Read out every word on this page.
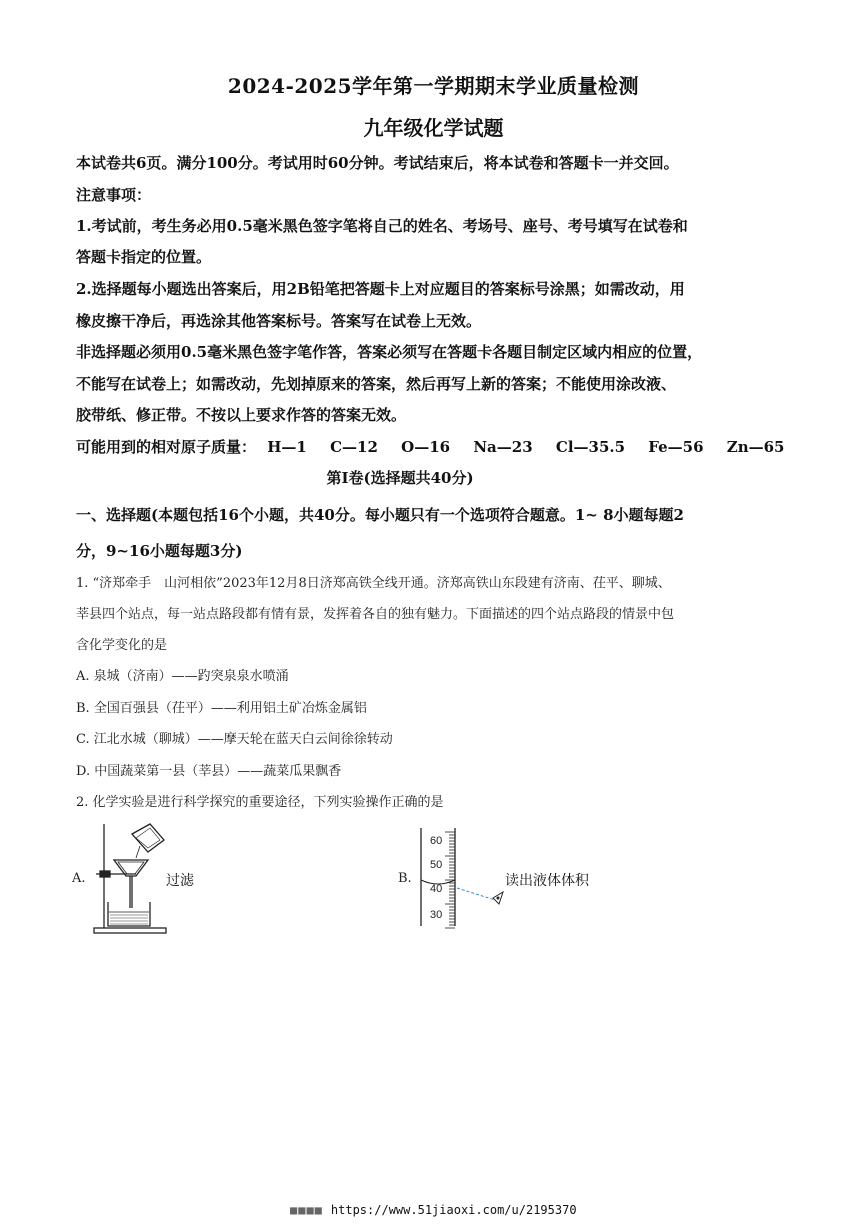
2024-2025学年第一学期期末学业质量检测
九年级化学试题
本试卷共6页。满分100分。考试用时60分钟。考试结束后，将本试卷和答题卡一并交回。
注意事项：
1.考试前，考生务必用0.5毫米黑色签字笔将自己的姓名、考场号、座号、考号填写在试卷和
答题卡指定的位置。
2.选择题每小题选出答案后，用2B铅笔把答题卡上对应题目的答案标号涂黑；如需改动，用
橡皮擦干净后，再选涂其他答案标号。答案写在试卷上无效。
非选择题必须用0.5毫米黑色签字笔作答，答案必须写在答题卡各题目制定区域内相应的位置，
不能写在试卷上；如需改动，先划掉原来的答案，然后再写上新的答案；不能使用涂改液、
胶带纸、修正带。不按以上要求作答的答案无效。
可能用到的相对原子质量： H—1 C—12 O—16 Na—23 Cl—35.5 Fe—56 Zn—65
第I卷(选择题共40分)
一、选择题(本题包括16个小题，共40分。每小题只有一个选项符合题意。1~ 8小题每题2
分，9~16小题每题3分)
1. “济郑牵手　山河相依”2023年12月8日济郑高铁全线开通。济郑高铁山东段建有济南、茌平、聊城、
莘县四个站点，每一站点路段都有情有景，发挥着各自的独有魅力。下面描述的四个站点路段的情景中包
含化学变化的是
A. 泉城（济南）——趵突泉泉水喷涌
B. 全国百强县（茌平）——利用铝土矿冶炼金属铝
C. 江北水城（聊城）——摩天轮在蓝天白云间徐徐转动
D. 中国蔬菜第一县（莘县）——蔬菜瓜果飘香
2. 化学实验是进行科学探究的重要途径，下列实验操作正确的是
A.	过滤	B.
60
50
40
30
读出液体体积
■■■■ https://www.51jiaoxi.com/u/2195370
